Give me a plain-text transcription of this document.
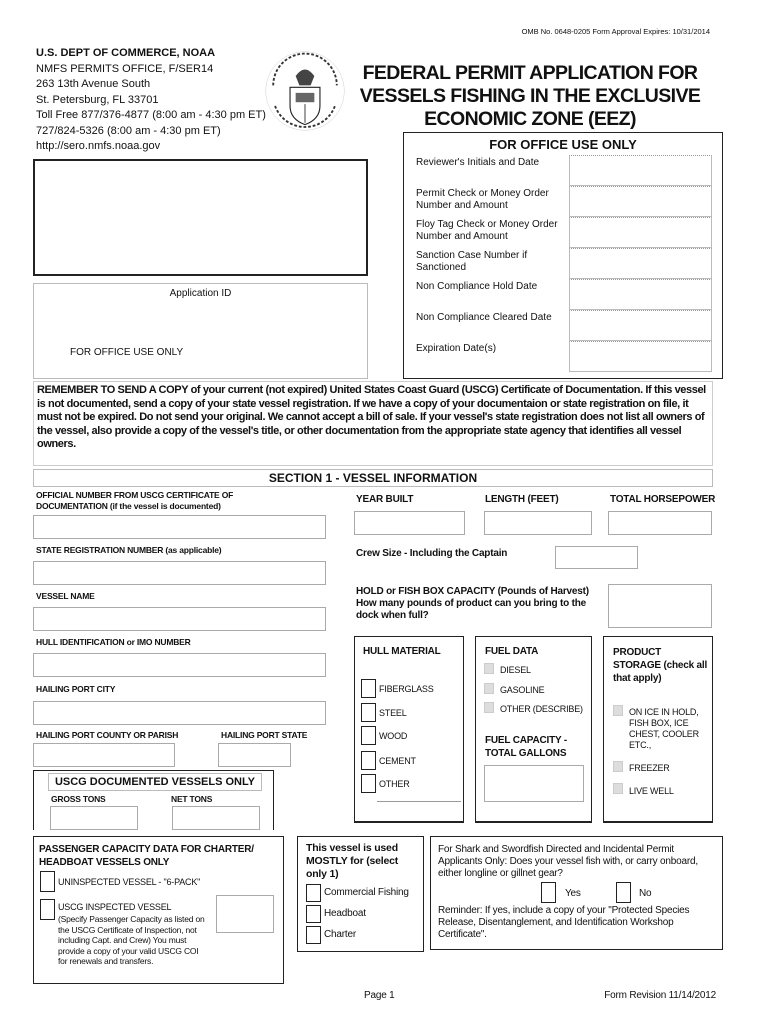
OMB No. 0648-0205 Form Approval Expires: 10/31/2014
U.S. DEPT OF COMMERCE, NOAA
NMFS PERMITS OFFICE, F/SER14
263 13th Avenue South
St. Petersburg, FL 33701
Toll Free 877/376-4877 (8:00 am - 4:30 pm ET)
727/824-5326 (8:00 am - 4:30 pm ET)
http://sero.nmfs.noaa.gov
FEDERAL PERMIT APPLICATION FOR
VESSELS FISHING IN THE EXCLUSIVE
ECONOMIC ZONE (EEZ)
Application ID
FOR OFFICE USE ONLY
FOR OFFICE USE ONLY
Reviewer's Initials and Date
Permit Check or Money Order Number and Amount
Floy Tag Check or Money Order Number and Amount
Sanction Case Number if Sanctioned
Non Compliance Hold Date
Non Compliance Cleared Date
Expiration Date(s)
REMEMBER TO SEND A COPY of your current (not expired) United States Coast Guard (USCG) Certificate of Documentation. If this vessel is not documented, send a copy of your state vessel registration. If we have a copy of your documentaion or state registration on file, it must not be expired. Do not send your original. We cannot accept a bill of sale. If your vessel's state registration does not list all owners of the vessel, also provide a copy of the vessel's title, or other documentation from the appropriate state agency that identifies all vessel owners.
SECTION 1 - VESSEL INFORMATION
OFFICIAL NUMBER FROM USCG CERTIFICATE OF DOCUMENTATION (if the vessel is documented)
STATE REGISTRATION NUMBER (as applicable)
VESSEL NAME
HULL IDENTIFICATION or IMO NUMBER
HAILING PORT CITY
HAILING PORT COUNTY OR PARISH	HAILING PORT STATE
USCG DOCUMENTED VESSELS ONLY
GROSS TONS	NET TONS
YEAR BUILT	LENGTH (FEET)	TOTAL HORSEPOWER
Crew Size - Including the Captain
HOLD or FISH BOX CAPACITY (Pounds of Harvest) How many pounds of product can you bring to the dock when full?
HULL MATERIAL
FIBERGLASS
STEEL
WOOD
CEMENT
OTHER
FUEL DATA
DIESEL
GASOLINE
OTHER (DESCRIBE)
FUEL CAPACITY - TOTAL GALLONS
PRODUCT STORAGE (check all that apply)
ON ICE IN HOLD, FISH BOX, ICE CHEST, COOLER ETC.,
FREEZER
LIVE WELL
PASSENGER CAPACITY DATA FOR CHARTER/ HEADBOAT VESSELS ONLY
UNINSPECTED VESSEL - "6-PACK"
USCG INSPECTED VESSEL
(Specify Passenger Capacity as listed on the USCG Certificate of Inspection, not including Capt. and Crew) You must provide a copy of your valid USCG COI for renewals and transfers.
This vessel is used MOSTLY for (select only 1)
Commercial Fishing
Headboat
Charter
For Shark and Swordfish Directed and Incidental Permit Applicants Only: Does your vessel fish with, or carry onboard, either longline or gillnet gear?
Yes	No
Reminder: If yes, include a copy of your "Protected Species Release, Disentanglement, and Identification Workshop Certificate".
Page 1	Form Revision 11/14/2012
